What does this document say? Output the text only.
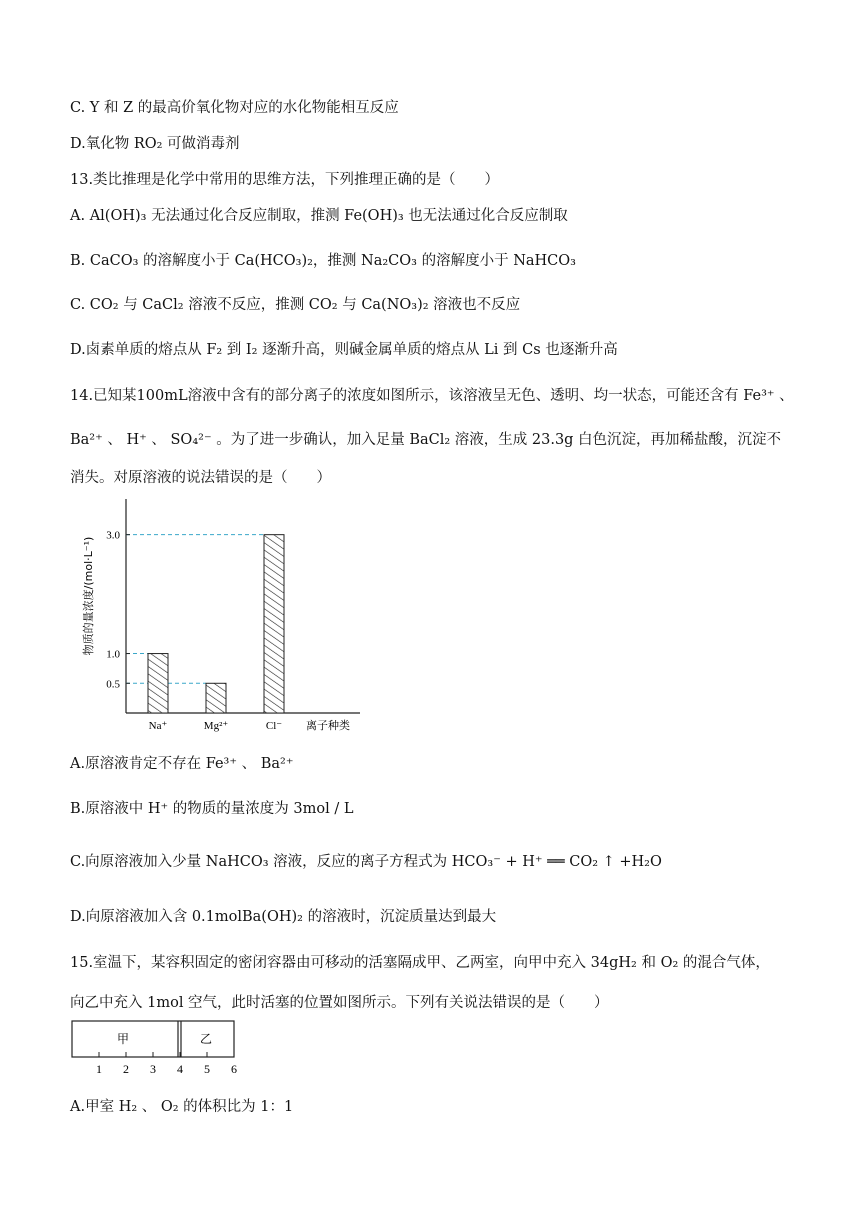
C. Y 和 Z 的最高价氧化物对应的水化物能相互反应
D.氧化物 RO₂ 可做消毒剂
13.类比推理是化学中常用的思维方法，下列推理正确的是（　　）
A. Al(OH)₃ 无法通过化合反应制取，推测 Fe(OH)₃ 也无法通过化合反应制取
B. CaCO₃ 的溶解度小于 Ca(HCO₃)₂，推测 Na₂CO₃ 的溶解度小于 NaHCO₃
C. CO₂ 与 CaCl₂ 溶液不反应，推测 CO₂ 与 Ca(NO₃)₂ 溶液也不反应
D.卤素单质的熔点从 F₂ 到 I₂ 逐渐升高，则碱金属单质的熔点从 Li 到 Cs 也逐渐升高
14.已知某100mL溶液中含有的部分离子的浓度如图所示，该溶液呈无色、透明、均一状态，可能还含有 Fe³⁺ 、
Ba²⁺ 、 H⁺ 、 SO₄²⁻ 。为了进一步确认，加入足量 BaCl₂ 溶液，生成 23.3g 白色沉淀，再加稀盐酸，沉淀不
消失。对原溶液的说法错误的是（　　）
0.5
1.0
3.0
Na⁺	Mg²⁺	Cl⁻ 离子种类
物质的量浓度/(mol·L⁻¹)
A.原溶液肯定不存在 Fe³⁺ 、 Ba²⁺
B.原溶液中 H⁺ 的物质的量浓度为 3mol / L
C.向原溶液加入少量 NaHCO₃ 溶液，反应的离子方程式为 HCO₃⁻ + H⁺ ══ CO₂ ↑ +H₂O
D.向原溶液加入含 0.1molBa(OH)₂ 的溶液时，沉淀质量达到最大
15.室温下，某容积固定的密闭容器由可移动的活塞隔成甲、乙两室，向甲中充入 34gH₂ 和 O₂ 的混合气体，
向乙中充入 1mol 空气，此时活塞的位置如图所示。下列有关说法错误的是（　　）
甲	乙
1 2 3 4 5 6
A.甲室 H₂ 、 O₂ 的体积比为 1：1
